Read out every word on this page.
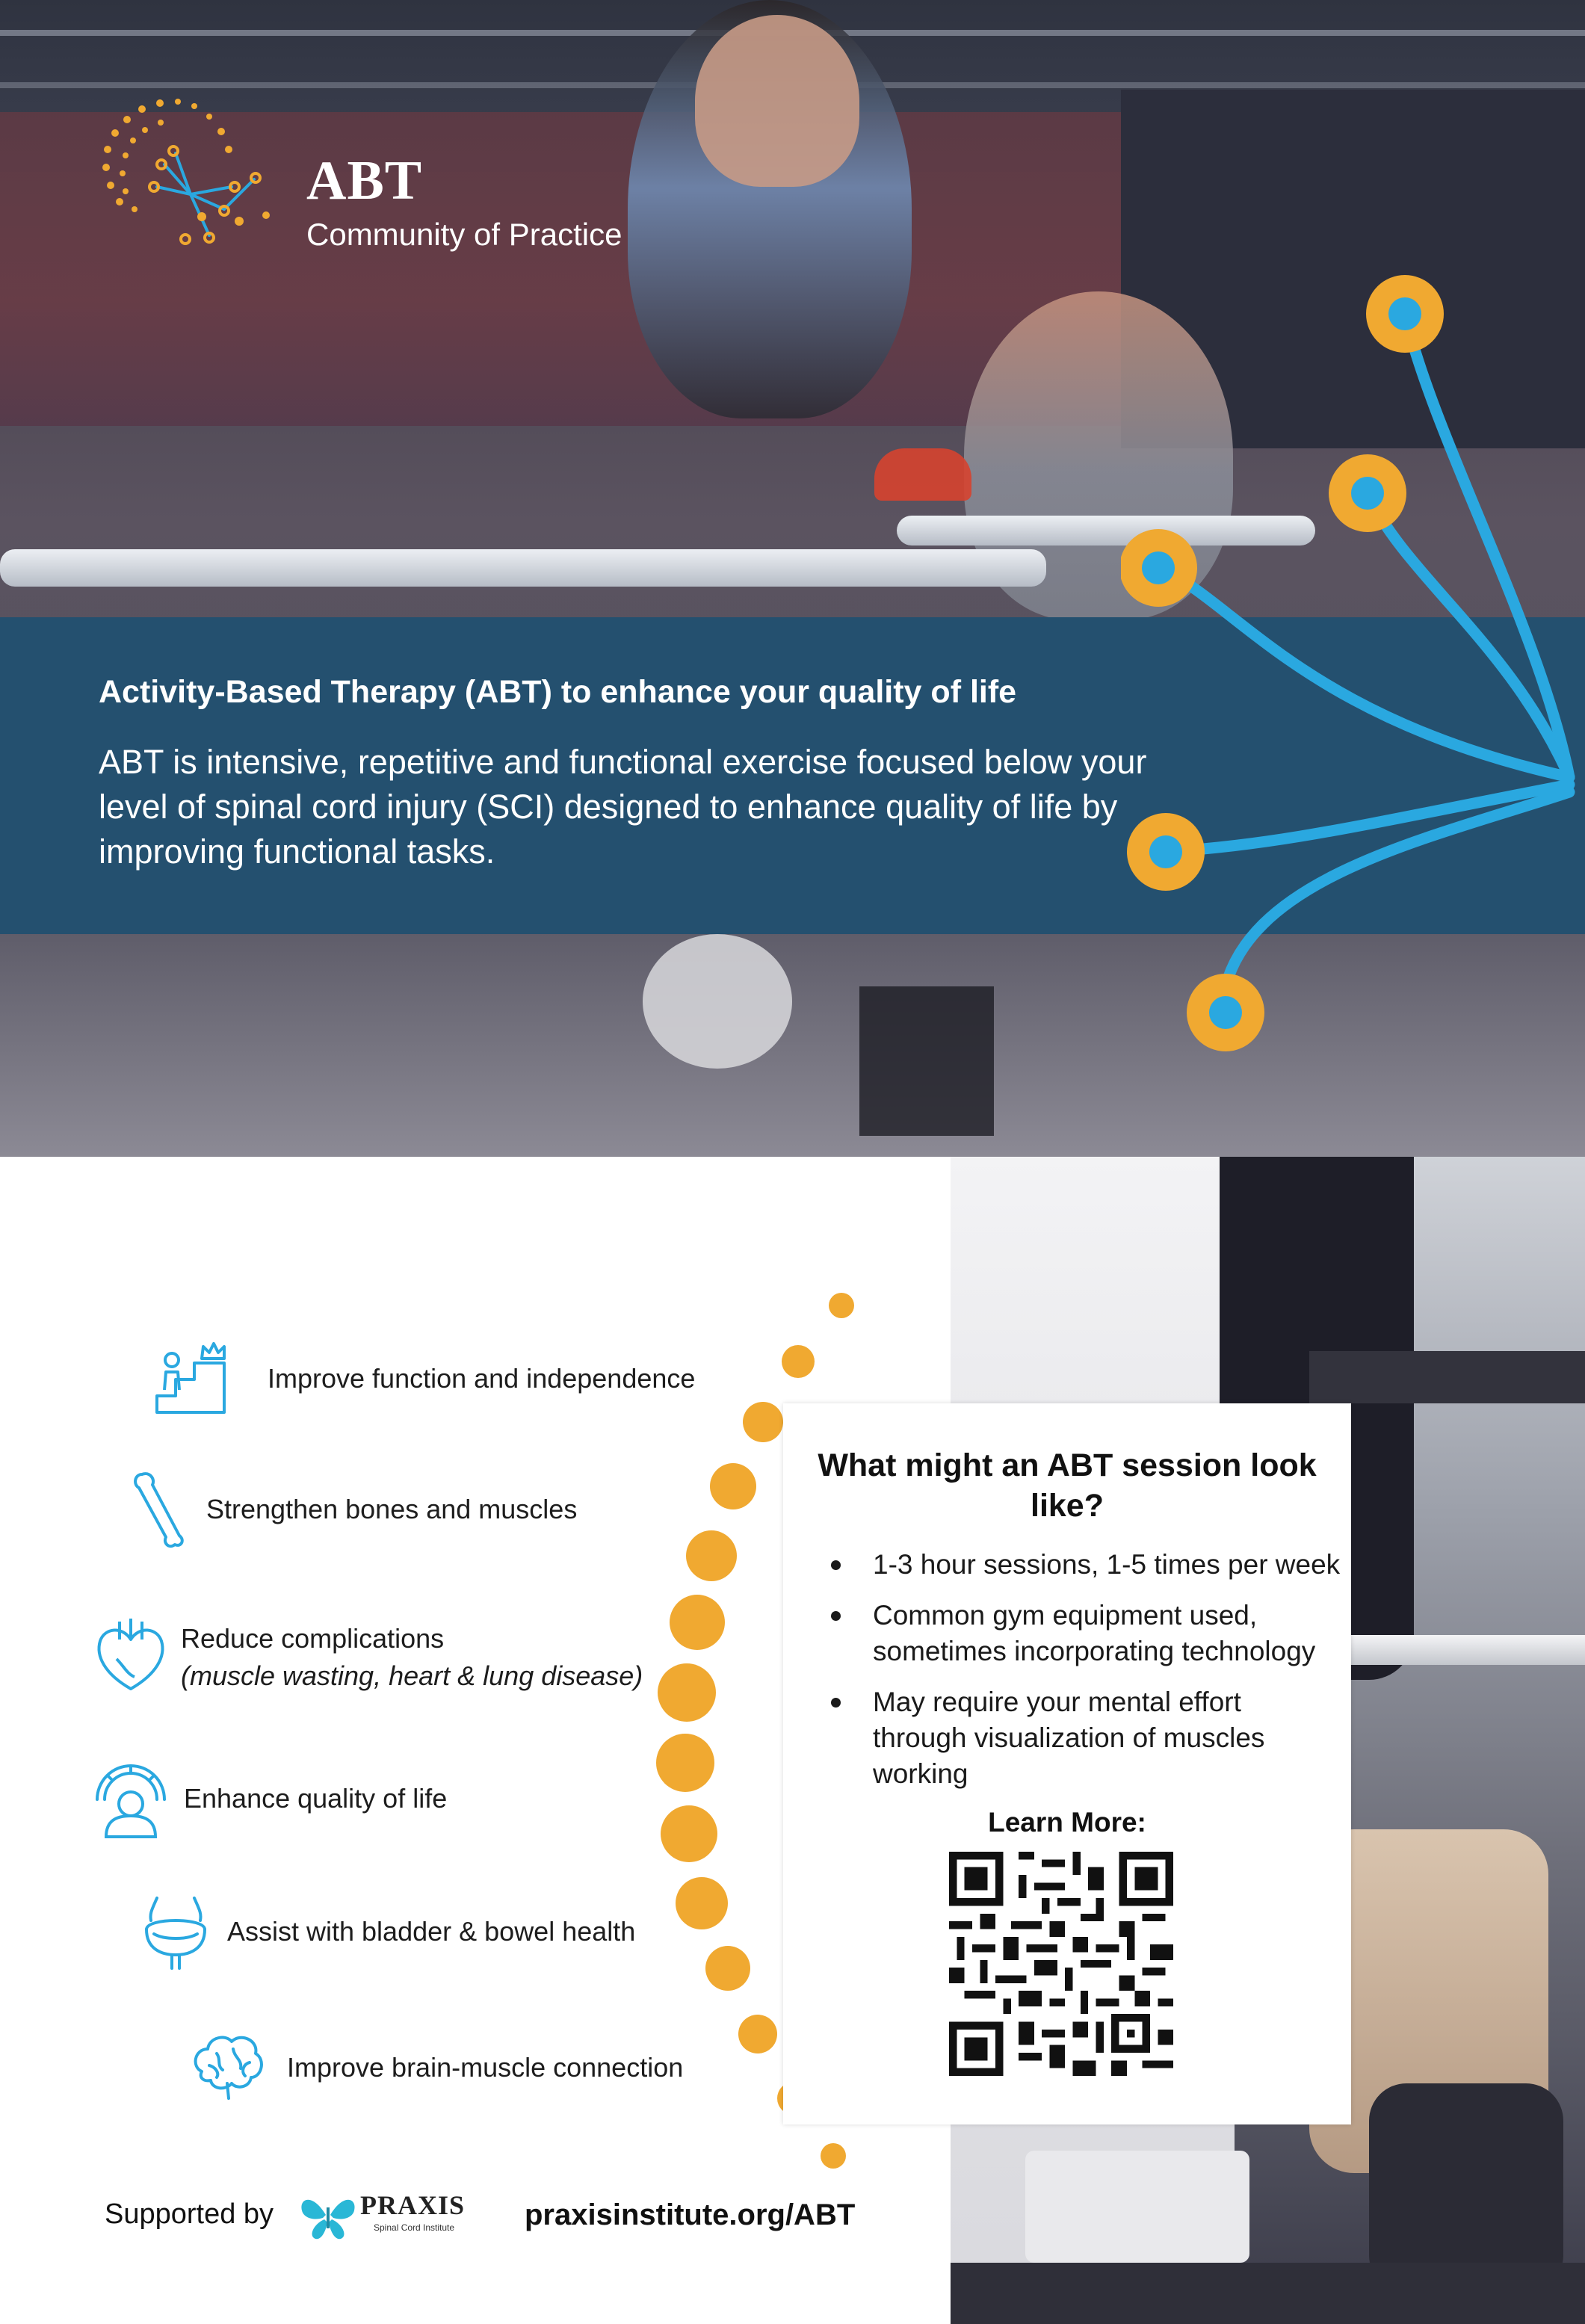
ABT
Community of Practice
Activity-Based Therapy (ABT) to enhance your quality of life
ABT is intensive, repetitive and functional exercise focused below your level of spinal cord injury (SCI) designed to enhance quality of life by improving functional tasks.
Improve function and independence
Strengthen bones and muscles
Reduce complications
(muscle wasting, heart & lung disease)
Enhance quality of life
Assist with bladder & bowel health
Improve brain-muscle connection
What might an ABT session look like?
1-3 hour sessions, 1-5 times per week
Common gym equipment used, sometimes incorporating technology
May require your mental effort through visualization of muscles working
Learn More:
Supported by	PRAXIS
Spinal Cord Institute praxisinstitute.org/ABT
